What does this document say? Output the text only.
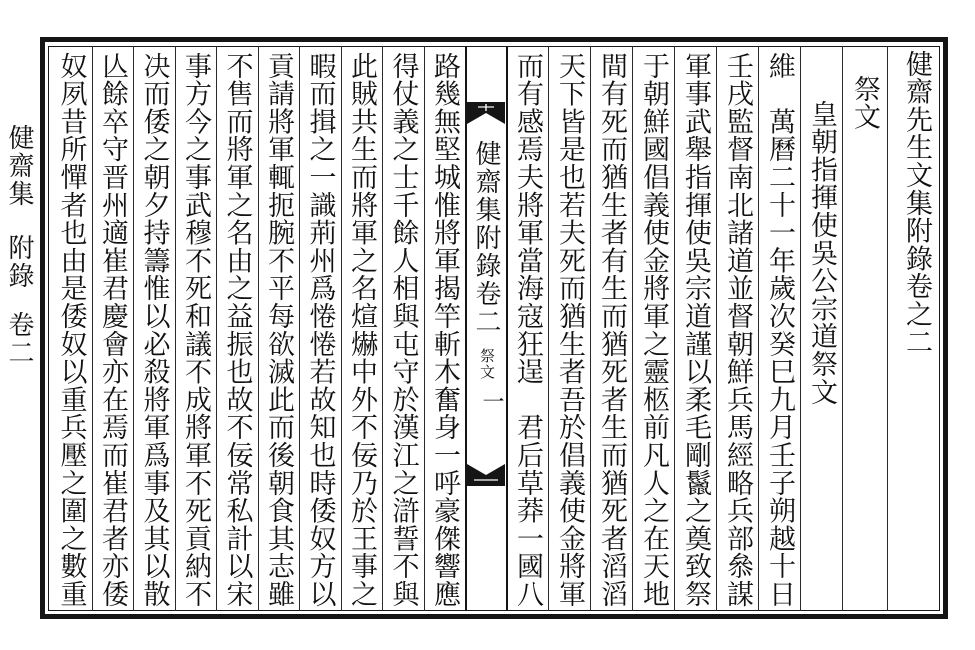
健齋先生文集附錄卷之二
祭文
皇朝指揮使吳公宗道祭文
維　萬曆二十一年歲次癸巳九月壬子朔越十日
壬戌監督南北諸道並督朝鮮兵馬經略兵部叅謀
軍事武舉指揮使吳宗道謹以柔毛剛鬣之奠致祭
于朝鮮國倡義使金將軍之靈柩前凡人之在天地
間有死而猶生者有生而猶死者生而猶死者滔滔
天下皆是也若夫死而猶生者吾於倡義使金將軍
而有感焉夫將軍當海寇狂逞　君后草莽一國八
健齋集附錄卷二
祭文
一
路幾無堅城惟將軍揭竿斬木奮身一呼豪傑響應
得仗義之士千餘人相與屯守於漢江之滸誓不與
此賊共生而將軍之名煊爀中外不佞乃於王事之
暇而揖之一識荊州爲惓惓若故知也時倭奴方以
貢請將軍輒扼腕不平每欲滅此而後朝食其志雖
不售而將軍之名由之益振也故不佞常私計以宋
事方今之事武穆不死和議不成將軍不死貢納不
决而倭之朝夕持籌惟以必殺將軍爲事及其以散
亾餘卒守晋州適崔君慶會亦在焉而崔君者亦倭
奴夙昔所憚者也由是倭奴以重兵壓之圍之數重
健齋集
附錄
卷二
